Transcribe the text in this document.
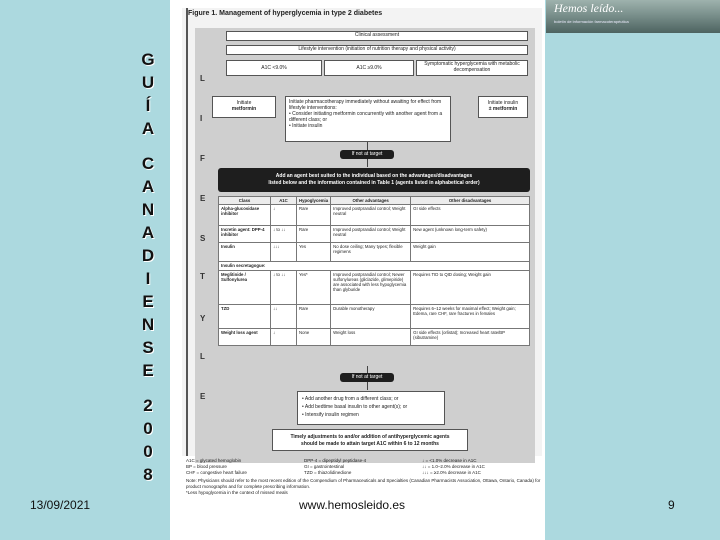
G
U
Í
A
C
A
N
A
D
I
E
N
S
E
2
0
0
8
Hemos leído...
boletín de información farmacoterapéutica
Figure 1. Management of hyperglycemia in type 2 diabetes
L
I
F
E
S
T
Y
L
E
Clinical assessment
Lifestyle intervention (initiation of nutrition therapy and physical activity)
A1C <9.0%	A1C ≥9.0%
Symptomatic hyperglycemia with metabolic decompensation
Initiate
metformin
Initiate pharmacotherapy immediately without awaiting for effect from lifestyle interventions:
• Consider initiating metformin concurrently with another agent from a different class; or
• Initiate insulin
Initiate insulin
± metformin
If not at target
Add an agent best suited to the individual based on the advantages/disadvantages
listed below and the information contained in Table 1 (agents listed in alphabetical order)
Class	A1C	Hypoglycemia	Other advantages	Other disadvantages
Alpha-glucosidase inhibitor	↓	Rare	Improved postprandial control; Weight neutral	GI side effects
Incretin agent: DPP-4 inhibitor	↓ to ↓↓	Rare	Improved postprandial control; Weight neutral	New agent (unknown long-term safety)
Insulin	↓↓↓	Yes	No dose ceiling; Many types; flexible regimens	Weight gain
Insulin secretagogue:				
Meglitinide / Sulfonylurea	↓ to ↓↓	Yes*	Improved postprandial control; Newer sulfonylureas (gliclazide, glimepiride) are associated with less hypoglycemia than glyburide	Requires TID to QID dosing; Weight gain
TZD	↓↓	Rare	Durable monotherapy	Requires 6–12 weeks for maximal effect; Weight gain; Edema, rare CHF, rare fractures in females
Weight loss agent	↓	None	Weight loss	GI side effects (orlistat); Increased heart rate/BP (sibutramine)
If not at target
• Add another drug from a different class; or
• Add bedtime basal insulin to other agent(s); or
• Intensify insulin regimen
Timely adjustments to and/or addition of antihyperglycemic agents
should be made to attain target A1C within 6 to 12 months
A1C = glycated hemoglobin	DPP-4 = dipeptidyl peptidase-4	↓ = <1.0% decrease in A1C
BP = blood pressure	GI = gastrointestinal	↓↓ = 1.0–2.0% decrease in A1C
CHF = congestive heart failure	TZD = thiazolidinedione	↓↓↓ = ≥2.0% decrease in A1C
Note: Physicians should refer to the most recent edition of the Compendium of Pharmaceuticals and Specialties (Canadian Pharmacists Association, Ottawa, Ontario, Canada) for product monographs and for complete prescribing information.
*Less hypoglycemia in the context of missed meals
13/09/2021	www.hemosleido.es	9
